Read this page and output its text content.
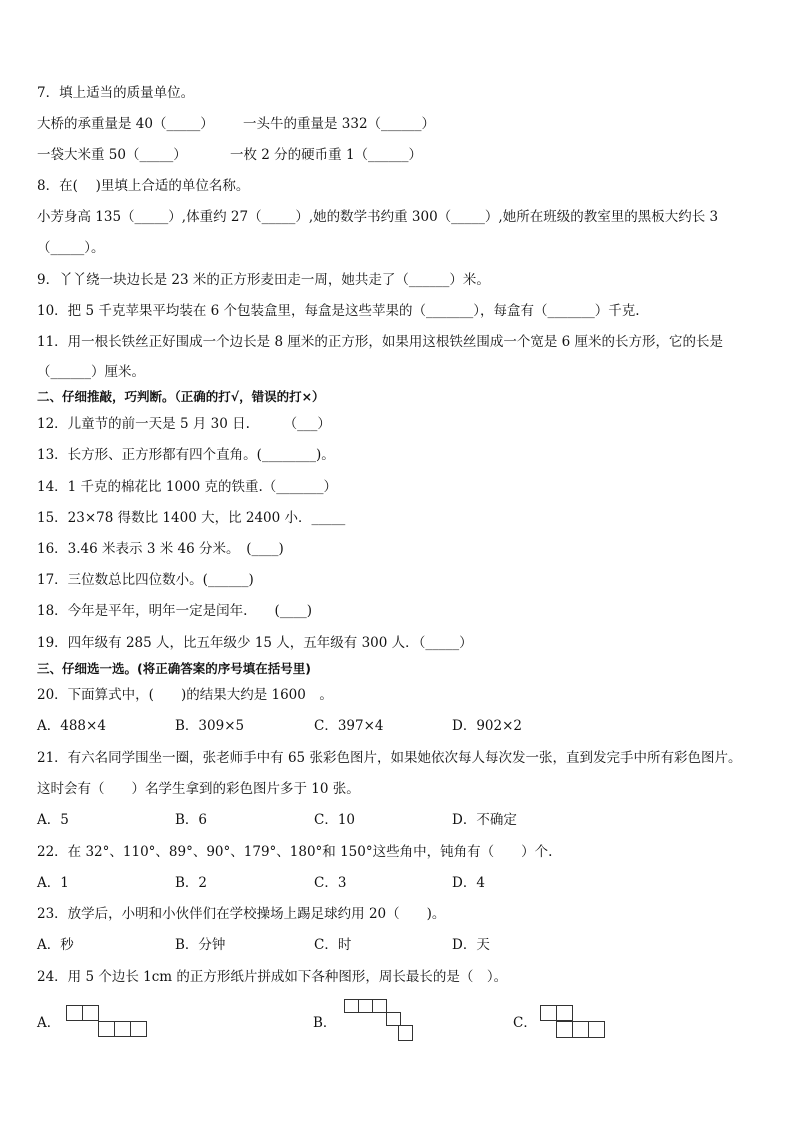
7．填上适当的质量单位。
大桥的承重量是 40（_____） 一头牛的重量是 332（______）
一袋大米重 50（_____）	一枚 2 分的硬币重 1（______）
8．在(　 )里填上合适的单位名称。
小芳身高 135（_____）,体重约 27（_____）,她的数学书约重 300（_____）,她所在班级的教室里的黑板大约长 3
（_____）。
9．丫丫绕一块边长是 23 米的正方形麦田走一周，她共走了（______）米。
10．把 5 千克苹果平均装在 6 个包装盒里，每盒是这些苹果的（_______），每盒有（_______）千克.
11．用一根长铁丝正好围成一个边长是 8 厘米的正方形，如果用这根铁丝围成一个宽是 6 厘米的长方形，它的长是
（______）厘米。
二、仔细推敲，巧判断。（正确的打√，错误的打×）
12．儿童节的前一天是 5 月 30 日.　　　（___）
13．长方形、正方形都有四个直角。(________)。
14．1 千克的棉花比 1000 克的铁重.（_______）
15．23×78 得数比 1400 大，比 2400 小．_____
16．3.46 米表示 3 米 46 分米。　(____)
17．三位数总比四位数小。(______)
18．今年是平年，明年一定是闰年.　　(____)
19．四年级有 285 人，比五年级少 15 人，五年级有 300 人．（_____）
三、仔细选一选。(将正确答案的序号填在括号里)
20．下面算式中，(　　)的结果大约是 1600　。
A．488×4	B．309×5	C．397×4	D．902×2
21．有六名同学围坐一圈，张老师手中有 65 张彩色图片，如果她依次每人每次发一张，直到发完手中所有彩色图片。
这时会有（　　）名学生拿到的彩色图片多于 10 张。
A．5	B．6	C．10	D．不确定
22．在 32°、110°、89°、90°、179°、180°和 150°这些角中，钝角有（　　）个.
A．1	B．2	C．3	D．4
23．放学后，小明和小伙伴们在学校操场上踢足球约用 20（　　)。
A．秒	B．分钟	C．时	D．天
24．用 5 个边长 1cm 的正方形纸片拼成如下各种图形，周长最长的是（　）。
A．	B．	C．
